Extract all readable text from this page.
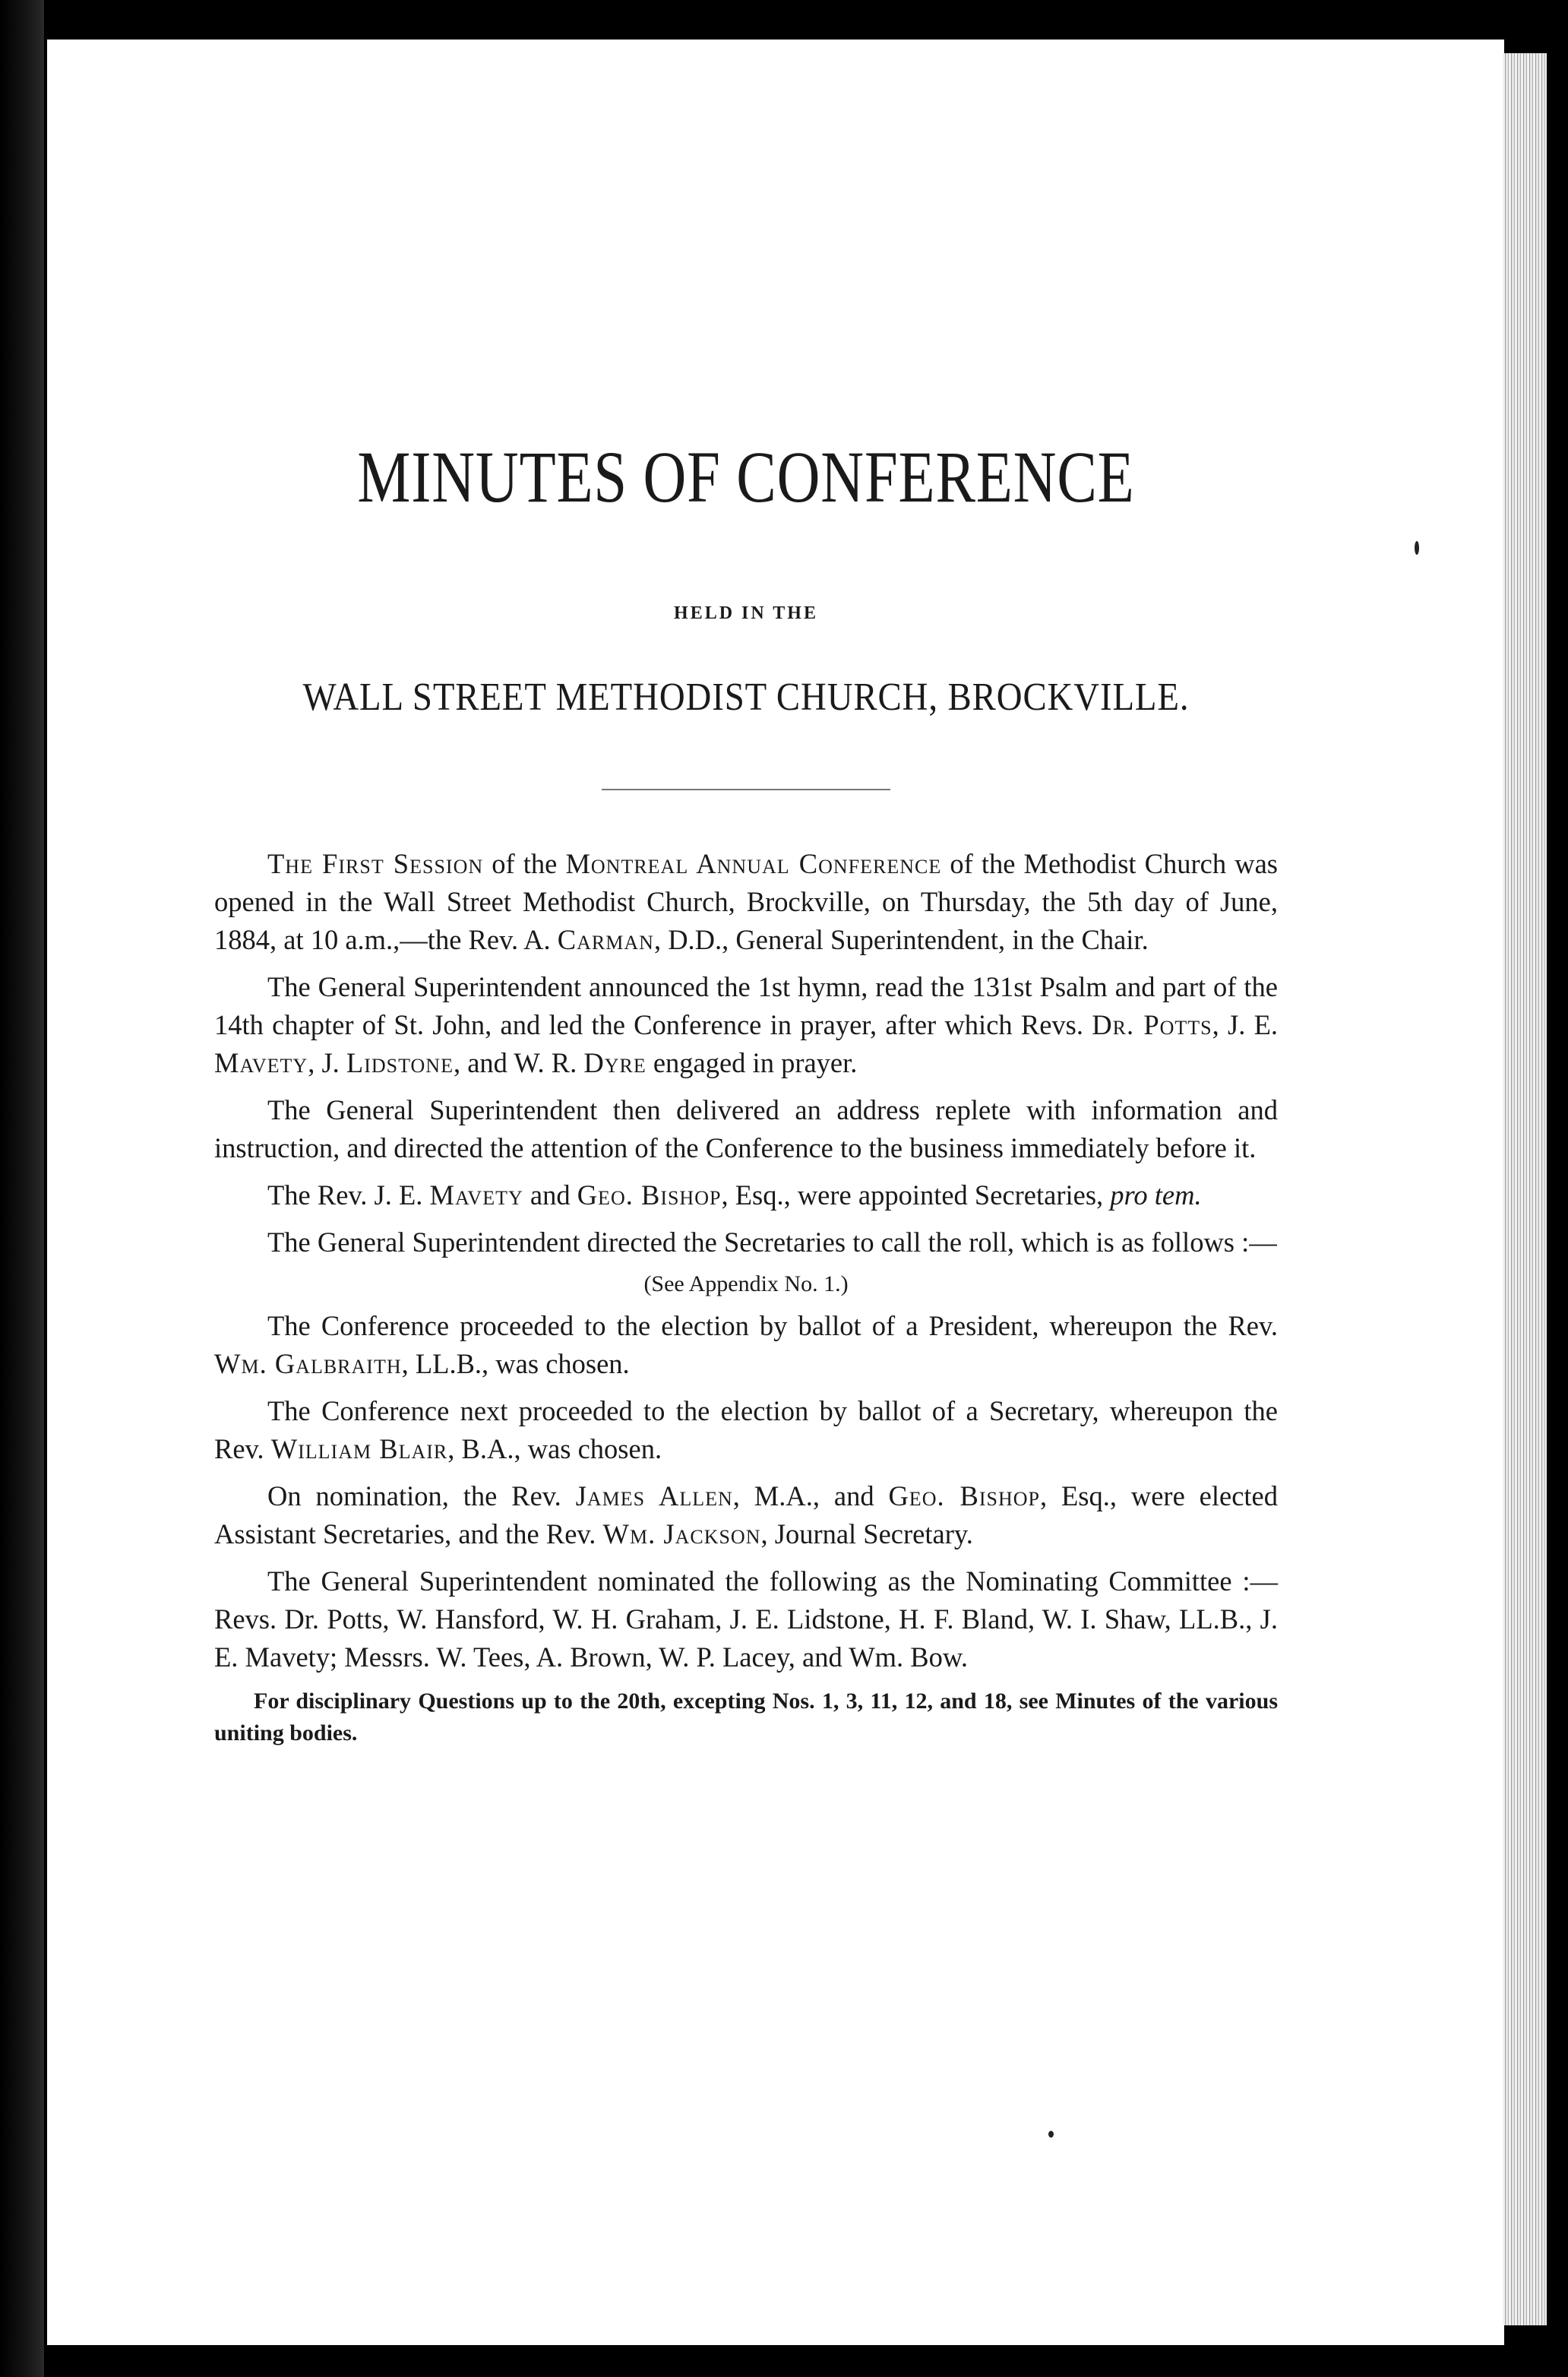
MINUTES OF CONFERENCE
HELD IN THE
WALL STREET METHODIST CHURCH, BROCKVILLE.

The First Session of the Montreal Annual Conference of the Methodist Church was opened in the Wall Street Methodist Church, Brockville, on Thursday, the 5th day of June, 1884, at 10 a.m.,—the Rev. A. Carman, D.D., General Superintendent, in the Chair.

The General Superintendent announced the 1st hymn, read the 131st Psalm and part of the 14th chapter of St. John, and led the Conference in prayer, after which Revs. Dr. Potts, J. E. Mavety, J. Lidstone, and W. R. Dyre engaged in prayer.

The General Superintendent then delivered an address replete with information and instruction, and directed the attention of the Conference to the business immediately before it.

The Rev. J. E. Mavety and Geo. Bishop, Esq., were appointed Secretaries, pro tem.

The General Superintendent directed the Secretaries to call the roll, which is as follows :—

(See Appendix No. 1.)

The Conference proceeded to the election by ballot of a President, whereupon the Rev. Wm. Galbraith, LL.B., was chosen.

The Conference next proceeded to the election by ballot of a Secretary, whereupon the Rev. William Blair, B.A., was chosen.

On nomination, the Rev. James Allen, M.A., and Geo. Bishop, Esq., were elected Assistant Secretaries, and the Rev. Wm. Jackson, Journal Secretary.

The General Superintendent nominated the following as the Nominating Committee :—Revs. Dr. Potts, W. Hansford, W. H. Graham, J. E. Lidstone, H. F. Bland, W. I. Shaw, LL.B., J. E. Mavety; Messrs. W. Tees, A. Brown, W. P. Lacey, and Wm. Bow.

For disciplinary Questions up to the 20th, excepting Nos. 1, 3, 11, 12, and 18, see Minutes of the various uniting bodies.
